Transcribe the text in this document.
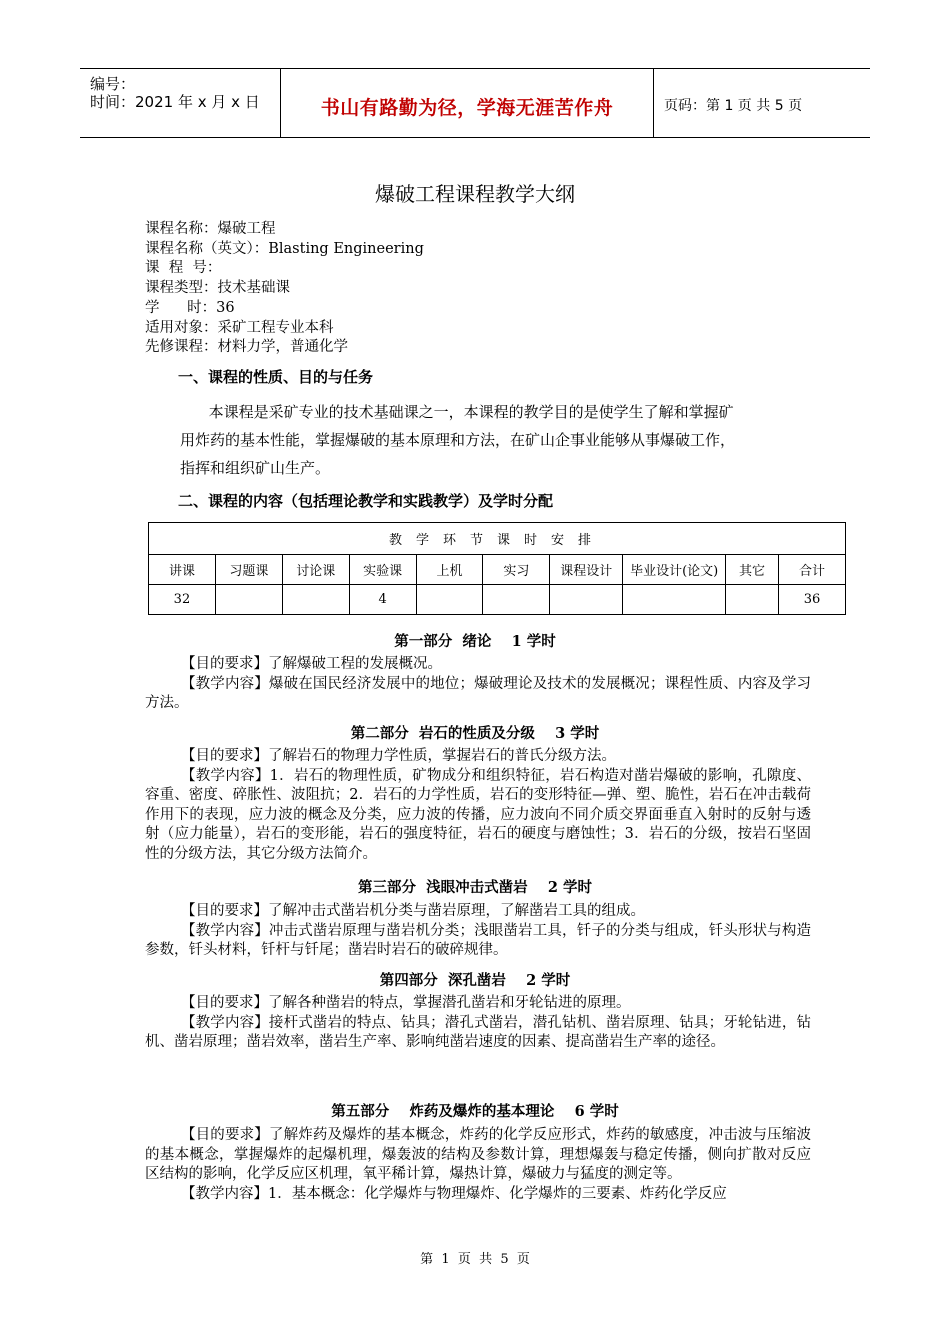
编号：
时间：2021 年 x 月 x 日	书山有路勤为径，学海无涯苦作舟	页码：第 1 页 共 5 页
爆破工程课程教学大纲
课程名称：爆破工程
课程名称（英文）：Blasting Engineering
课  程  号：
课程类型：技术基础课
学      时：36
适用对象：采矿工程专业本科
先修课程：材料力学，普通化学
一、课程的性质、目的与任务
本课程是采矿专业的技术基础课之一，本课程的教学目的是使学生了解和掌握矿
用炸药的基本性能，掌握爆破的基本原理和方法，在矿山企事业能够从事爆破工作，
指挥和组织矿山生产。
二、课程的内容（包括理论教学和实践教学）及学时分配
教学环节课时安排									
讲课	习题课	讨论课	实验课	上机	实习	课程设计	毕业设计(论文)	其它	合计
32			4						36
第一部分  绪论    1 学时

【目的要求】了解爆破工程的发展概况。

【教学内容】爆破在国民经济发展中的地位；爆破理论及技术的发展概况；课程性质、内容及学习方法。

第二部分  岩石的性质及分级    3 学时

【目的要求】了解岩石的物理力学性质，掌握岩石的普氏分级方法。

【教学内容】1．岩石的物理性质，矿物成分和组织特征，岩石构造对凿岩爆破的影响，孔隙度、容重、密度、碎胀性、波阻抗；2．岩石的力学性质，岩石的变形特征—弹、塑、脆性，岩石在冲击载荷作用下的表现，应力波的概念及分类，应力波的传播，应力波向不同介质交界面垂直入射时的反射与透射（应力能量），岩石的变形能，岩石的强度特征，岩石的硬度与磨蚀性；3．岩石的分级，按岩石坚固性的分级方法，其它分级方法简介。

第三部分  浅眼冲击式凿岩    2 学时

【目的要求】了解冲击式凿岩机分类与凿岩原理，了解凿岩工具的组成。

【教学内容】冲击式凿岩原理与凿岩机分类；浅眼凿岩工具，钎子的分类与组成，钎头形状与构造参数，钎头材料，钎杆与钎尾；凿岩时岩石的破碎规律。

第四部分  深孔凿岩    2 学时

【目的要求】了解各种凿岩的特点，掌握潜孔凿岩和牙轮钻进的原理。

【教学内容】接杆式凿岩的特点、钻具；潜孔式凿岩，潜孔钻机、凿岩原理、钻具；牙轮钻进，钻机、凿岩原理；凿岩效率，凿岩生产率、影响纯凿岩速度的因素、提高凿岩生产率的途径。

第五部分    炸药及爆炸的基本理论    6 学时

【目的要求】了解炸药及爆炸的基本概念，炸药的化学反应形式，炸药的敏感度，冲击波与压缩波的基本概念，掌握爆炸的起爆机理，爆轰波的结构及参数计算，理想爆轰与稳定传播，侧向扩散对反应区结构的影响，化学反应区机理，氧平稀计算，爆热计算，爆破力与猛度的测定等。

【教学内容】1．基本概念：化学爆炸与物理爆炸、化学爆炸的三要素、炸药化学反应

第  1  页  共  5  页
